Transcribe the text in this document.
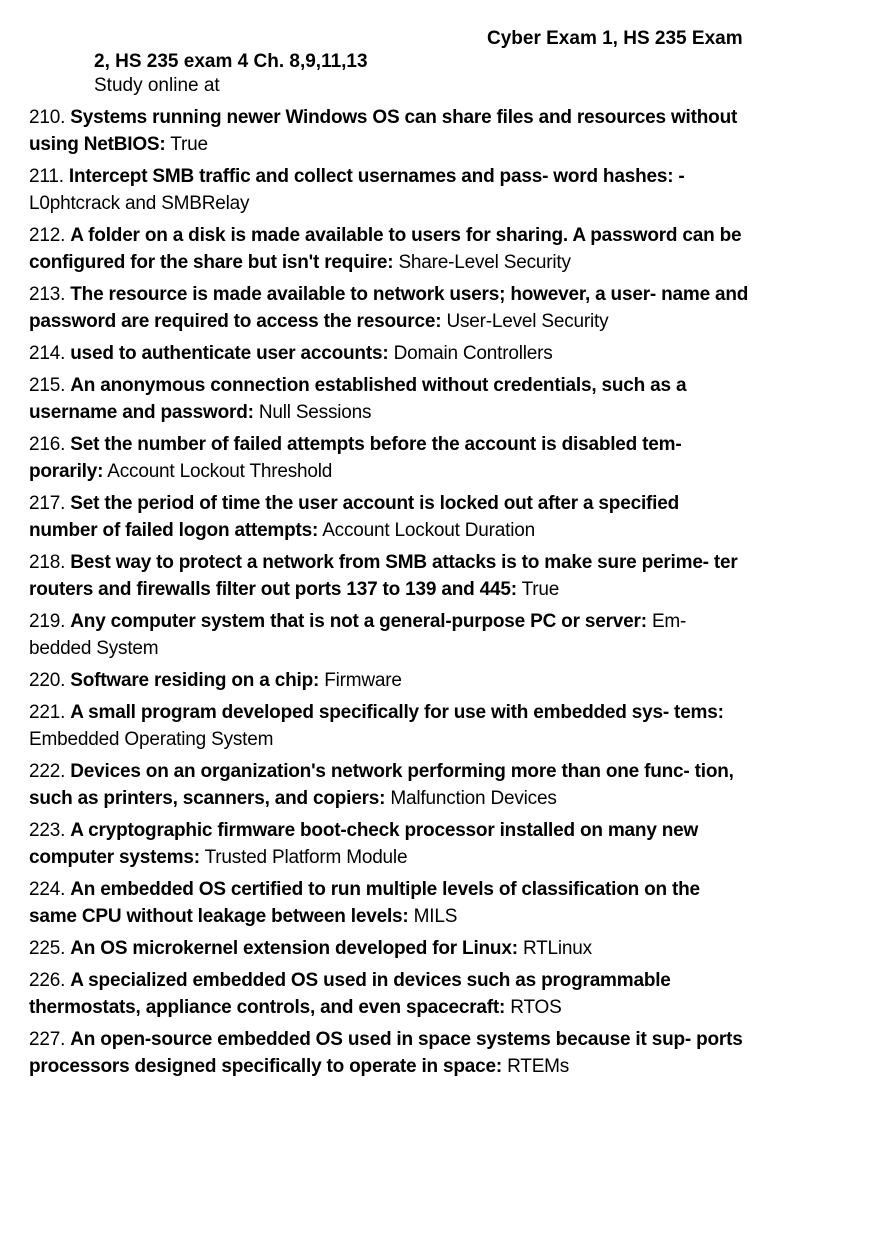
Cyber Exam 1, HS 235 Exam
2, HS 235 exam 4 Ch. 8,9,11,13
Study online at
210. Systems running newer Windows OS can share files and resources without using NetBIOS: True
211. Intercept SMB traffic and collect usernames and pass- word hashes: - L0phtcrack and SMBRelay
212. A folder on a disk is made available to users for sharing. A password can be configured for the share but isn't require: Share-Level Security
213. The resource is made available to network users; however, a user- name and password are required to access the resource: User-Level Security
214. used to authenticate user accounts: Domain Controllers
215. An anonymous connection established without credentials, such as a username and password: Null Sessions
216. Set the number of failed attempts before the account is disabled tem- porarily: Account Lockout Threshold
217. Set the period of time the user account is locked out after a specified number of failed logon attempts: Account Lockout Duration
218. Best way to protect a network from SMB attacks is to make sure perime- ter routers and firewalls filter out ports 137 to 139 and 445: True
219. Any computer system that is not a general-purpose PC or server: Em- bedded System
220. Software residing on a chip: Firmware
221. A small program developed specifically for use with embedded sys- tems: Embedded Operating System
222. Devices on an organization's network performing more than one func- tion, such as printers, scanners, and copiers: Malfunction Devices
223. A cryptographic firmware boot-check processor installed on many new computer systems: Trusted Platform Module
224. An embedded OS certified to run multiple levels of classification on the same CPU without leakage between levels: MILS
225. An OS microkernel extension developed for Linux: RTLinux
226. A specialized embedded OS used in devices such as programmable thermostats, appliance controls, and even spacecraft: RTOS
227. An open-source embedded OS used in space systems because it sup- ports processors designed specifically to operate in space: RTEMs
